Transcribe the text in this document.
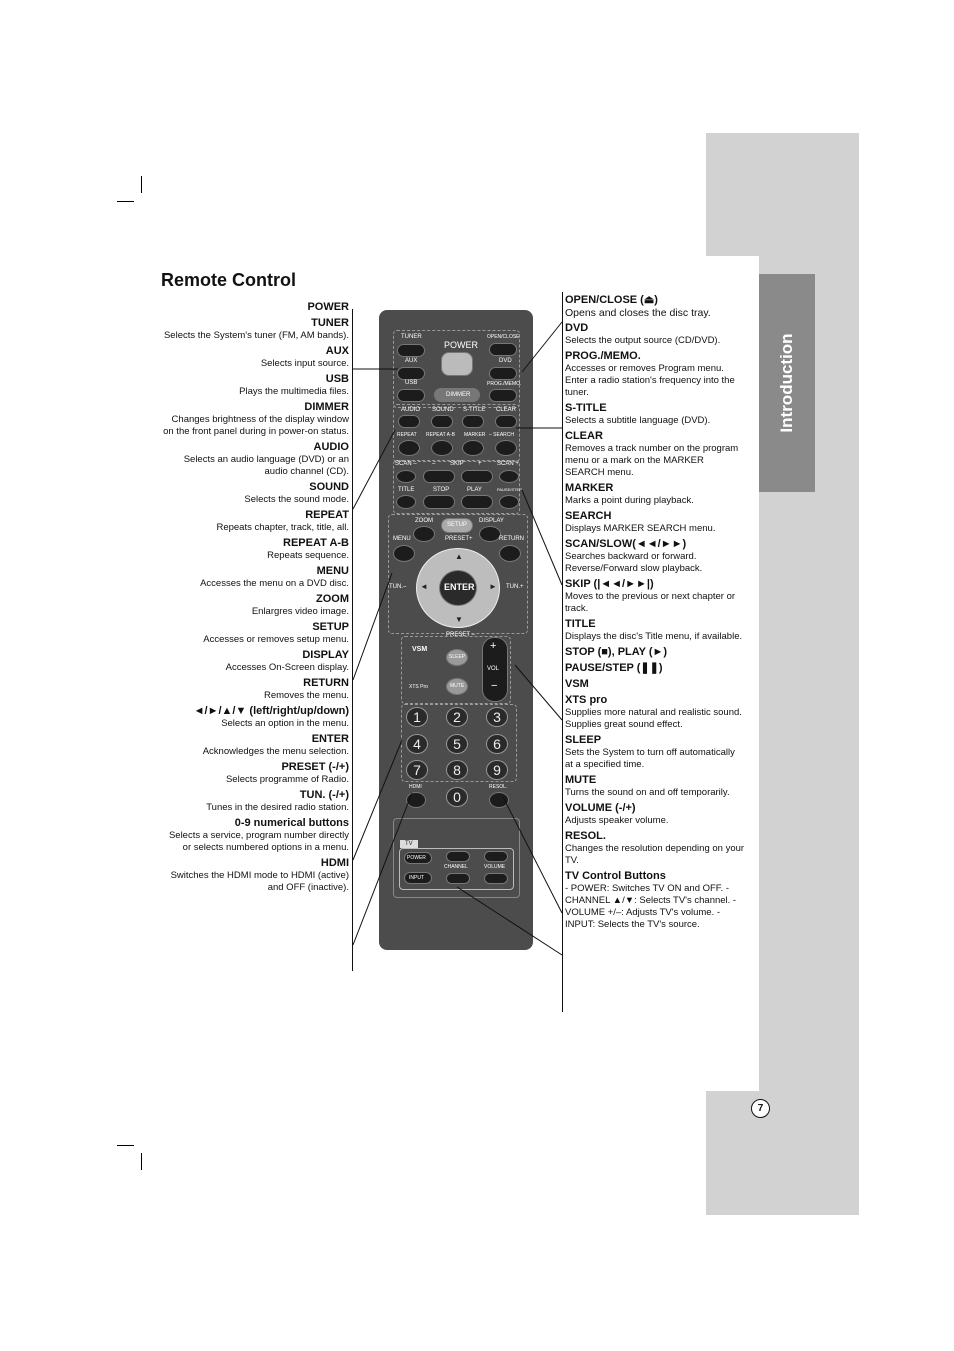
Introduction
7
Remote Control
POWER
TUNER
Selects the System's tuner (FM, AM bands).
AUX
Selects input source.
USB
Plays the multimedia files.
DIMMER
Changes brightness of the display window on the front panel during in power-on status.
AUDIO
Selects an audio language (DVD) or an audio channel (CD).
SOUND
Selects the sound mode.
REPEAT
Repeats chapter, track, title, all.
REPEAT A-B
Repeats sequence.
MENU
Accesses the menu on a DVD disc.
ZOOM
Enlargres video image.
SETUP
Accesses or removes setup menu.
DISPLAY
Accesses On-Screen display.
RETURN
Removes the menu.
◄/►/▲/▼ (left/right/up/down)
Selects an option in the menu.
ENTER
Acknowledges the menu selection.
PRESET (-/+)
Selects programme of Radio.
TUN. (-/+)
Tunes in the desired radio station.
0-9 numerical buttons
Selects a service, program number directly or selects numbered options in a menu.
HDMI
Switches the HDMI mode to HDMI (active) and OFF (inactive).
OPEN/CLOSE (⏏)
Opens and closes the disc tray.
DVD
Selects the output source (CD/DVD).
PROG./MEMO.
Accesses or removes Program menu. Enter a radio station's frequency into the tuner.
S-TITLE
Selects a subtitle language (DVD).
CLEAR
Removes a track number on the program menu or a mark on the MARKER SEARCH menu.
MARKER
Marks a point during playback.
SEARCH
Displays MARKER SEARCH menu.
SCAN/SLOW(◄◄/►►)
Searches backward or forward. Reverse/Forward slow playback.
SKIP (|◄◄/►►|)
Moves to the previous or next chapter or track.
TITLE
Displays the disc's Title menu, if available.
STOP (■), PLAY (►)
PAUSE/STEP (❚❚)
VSM
XTS pro
Supplies more natural and realistic sound. Supplies great sound effect.
SLEEP
Sets the System to turn off automatically at a specified time.
MUTE
Turns the sound on and off temporarily.
VOLUME (-/+)
Adjusts speaker volume.
RESOL.
Changes the resolution depending on your TV.
TV Control Buttons
- POWER: Switches TV ON and OFF. - CHANNEL ▲/▼: Selects TV's channel. - VOLUME +/–: Adjusts TV's volume. - INPUT: Selects the TV's source.
TUNER
POWER
OPEN/CLOSE
AUX	DVD
USB
DIMMER
PROG./MEMO.
AUDIO SOUND S-TITLE CLEAR
REPEAT REPEAT A-B MARKER – SEARCH
SCAN –	– SKIP +	SCAN +
TITLE	STOP	PLAY	PAUSE/STEP
ZOOM
SETUP
DISPLAY
MENU	PRESET+	RETURN
ENTER
▲
▼
◄	►
TUN.–	TUN.+
PRESET –
VSM
SLEEP
+
VOL
−
XTS Pro	MUTE
1	2	3
4	5	6
7	8	9
HDMI
0
RESOL.
TV
POWER
CHANNEL	VOLUME
INPUT
